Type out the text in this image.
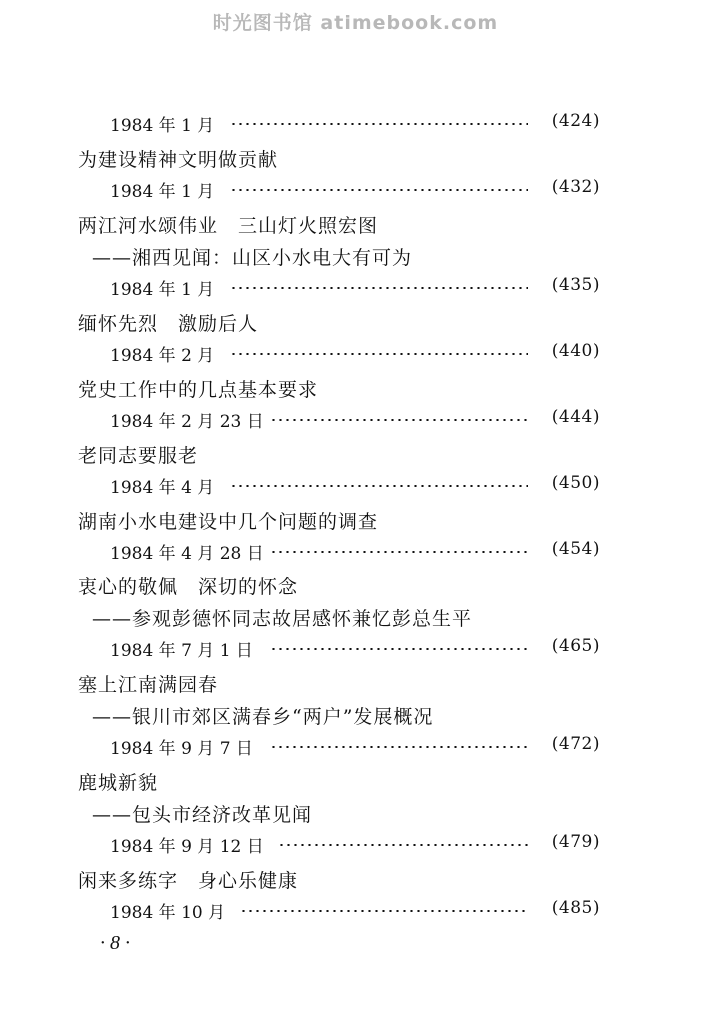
时光图书馆 atimebook.com
1984 年 1 月	(424)
为建设精神文明做贡献
1984 年 1 月	(432)
两江河水颂伟业　三山灯火照宏图
——湘西见闻：山区小水电大有可为
1984 年 1 月	(435)
缅怀先烈　激励后人
1984 年 2 月	(440)
党史工作中的几点基本要求
1984 年 2 月 23 日	(444)
老同志要服老
1984 年 4 月	(450)
湖南小水电建设中几个问题的调查
1984 年 4 月 28 日	(454)
衷心的敬佩　深切的怀念
——参观彭德怀同志故居感怀兼忆彭总生平
1984 年 7 月 1 日	(465)
塞上江南满园春
——银川市郊区满春乡“两户”发展概况
1984 年 9 月 7 日	(472)
鹿城新貌
——包头市经济改革见闻
1984 年 9 月 12 日	(479)
闲来多练字　身心乐健康
1984 年 10 月	(485)
· 8 ·
